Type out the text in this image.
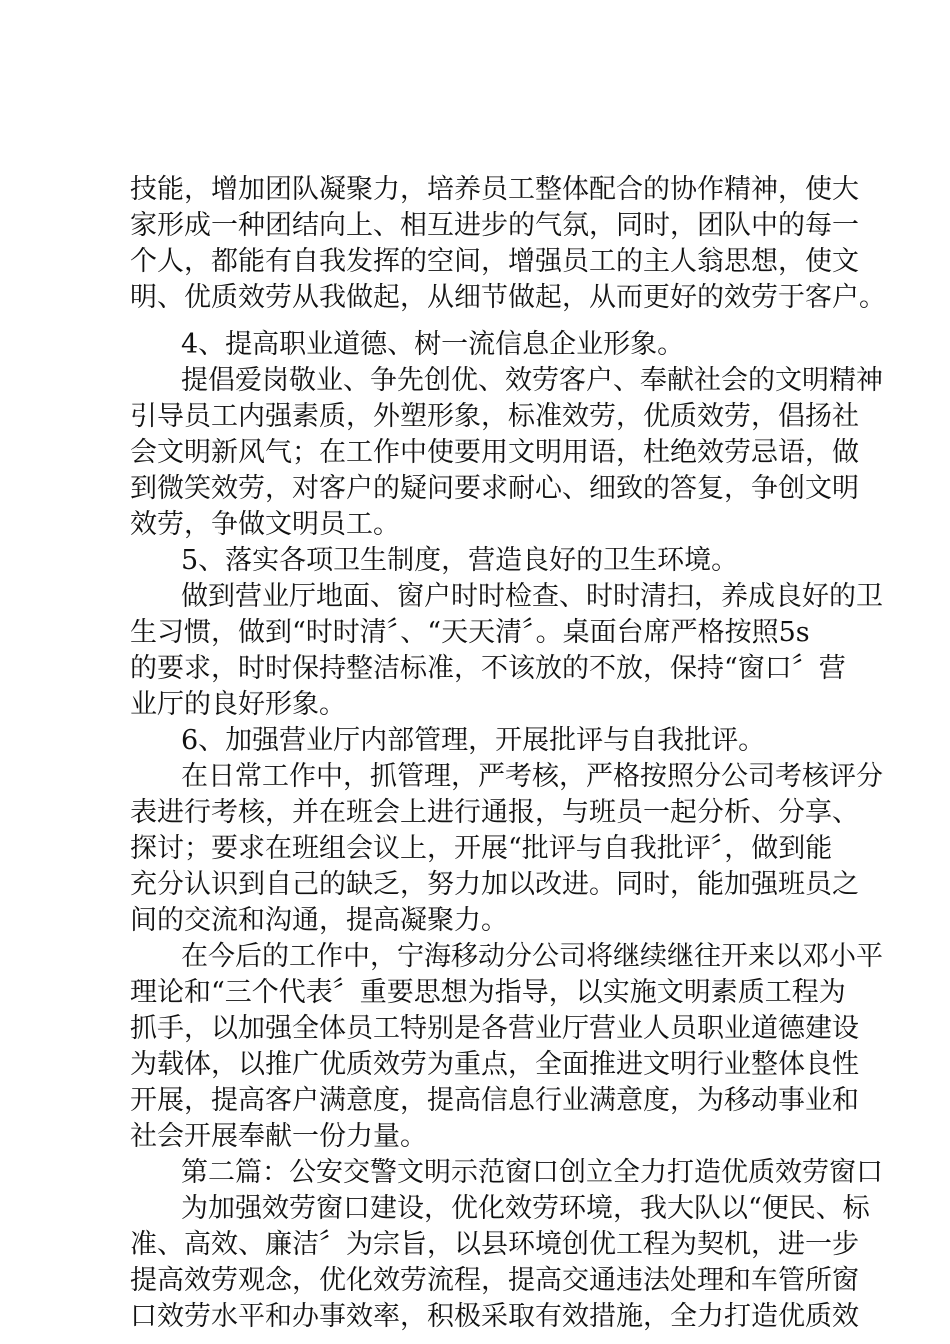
技能，增加团队凝聚力，培养员工整体配合的协作精神，使大
家形成一种团结向上、相互进步的气氛，同时，团队中的每一
个人，都能有自我发挥的空间，增强员工的主人翁思想，使文
明、优质效劳从我做起，从细节做起，从而更好的效劳于客户。
4、提高职业道德、树一流信息企业形象。
提倡爱岗敬业、争先创优、效劳客户、奉献社会的文明精神
引导员工内强素质，外塑形象，标准效劳，优质效劳，倡扬社
会文明新风气；在工作中使要用文明用语，杜绝效劳忌语，做
到微笑效劳，对客户的疑问要求耐心、细致的答复，争创文明
效劳，争做文明员工。
5、落实各项卫生制度，营造良好的卫生环境。
做到营业厅地面、窗户时时检查、时时清扫，养成良好的卫
生习惯，做到“时时清〞、“天天清〞。桌面台席严格按照5s
的要求，时时保持整洁标准，不该放的不放，保持“窗口〞营
业厅的良好形象。
6、加强营业厅内部管理，开展批评与自我批评。
在日常工作中，抓管理，严考核，严格按照分公司考核评分
表进行考核，并在班会上进行通报，与班员一起分析、分享、
探讨；要求在班组会议上，开展“批评与自我批评〞，做到能
充分认识到自己的缺乏，努力加以改进。同时，能加强班员之
间的交流和沟通，提高凝聚力。
在今后的工作中，宁海移动分公司将继续继往开来以邓小平
理论和“三个代表〞重要思想为指导，以实施文明素质工程为
抓手，以加强全体员工特别是各营业厅营业人员职业道德建设
为载体，以推广优质效劳为重点，全面推进文明行业整体良性
开展，提高客户满意度，提高信息行业满意度，为移动事业和
社会开展奉献一份力量。
第二篇：公安交警文明示范窗口创立全力打造优质效劳窗口
为加强效劳窗口建设，优化效劳环境，我大队以“便民、标
准、高效、廉洁〞为宗旨，以县环境创优工程为契机，进一步
提高效劳观念，优化效劳流程，提高交通违法处理和车管所窗
口效劳水平和办事效率，积极采取有效措施，全力打造优质效
